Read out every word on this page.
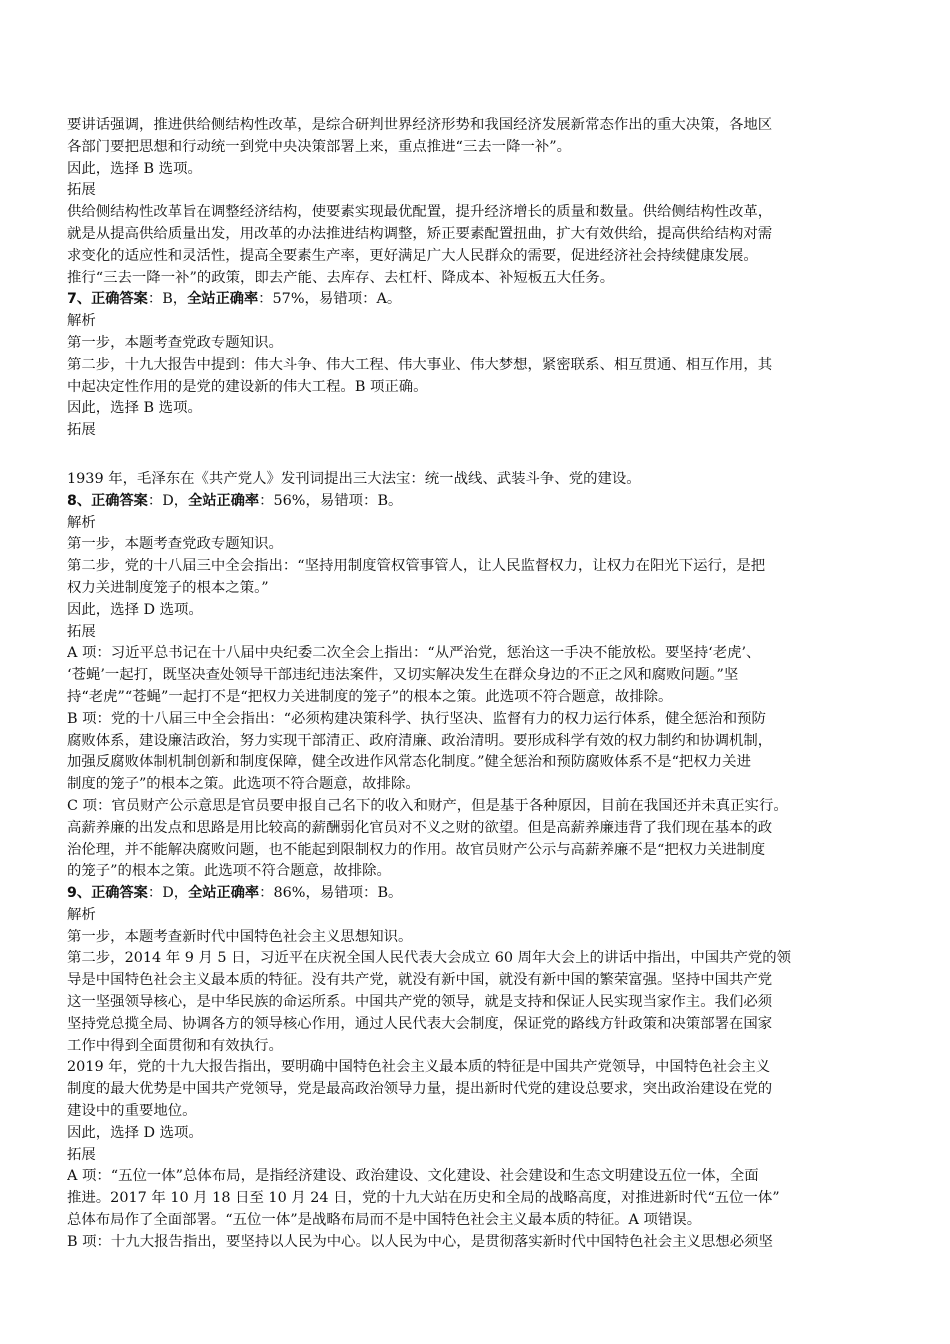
要讲话强调，推进供给侧结构性改革，是综合研判世界经济形势和我国经济发展新常态作出的重大决策，各地区
各部门要把思想和行动统一到党中央决策部署上来，重点推进“三去一降一补”。
因此，选择 B 选项。
拓展
供给侧结构性改革旨在调整经济结构，使要素实现最优配置，提升经济增长的质量和数量。供给侧结构性改革，
就是从提高供给质量出发，用改革的办法推进结构调整，矫正要素配置扭曲，扩大有效供给，提高供给结构对需
求变化的适应性和灵活性，提高全要素生产率，更好满足广大人民群众的需要，促进经济社会持续健康发展。
推行“三去一降一补”的政策，即去产能、去库存、去杠杆、降成本、补短板五大任务。
7、正确答案：B，全站正确率：57%，易错项：A。
解析
第一步，本题考查党政专题知识。
第二步，十九大报告中提到：伟大斗争、伟大工程、伟大事业、伟大梦想，紧密联系、相互贯通、相互作用，其
中起决定性作用的是党的建设新的伟大工程。B 项正确。
因此，选择 B 选项。
拓展
1939 年，毛泽东在《共产党人》发刊词提出三大法宝：统一战线、武装斗争、党的建设。
8、正确答案：D，全站正确率：56%，易错项：B。
解析
第一步，本题考查党政专题知识。
第二步，党的十八届三中全会指出：“坚持用制度管权管事管人，让人民监督权力，让权力在阳光下运行，是把
权力关进制度笼子的根本之策。”
因此，选择 D 选项。
拓展
A 项：习近平总书记在十八届中央纪委二次全会上指出：“从严治党，惩治这一手决不能放松。要坚持‘老虎’、
‘苍蝇’一起打，既坚决查处领导干部违纪违法案件，又切实解决发生在群众身边的不正之风和腐败问题。”坚
持“老虎”“苍蝇”一起打不是“把权力关进制度的笼子”的根本之策。此选项不符合题意，故排除。
B 项：党的十八届三中全会指出：“必须构建决策科学、执行坚决、监督有力的权力运行体系，健全惩治和预防
腐败体系，建设廉洁政治，努力实现干部清正、政府清廉、政治清明。要形成科学有效的权力制约和协调机制，
加强反腐败体制机制创新和制度保障，健全改进作风常态化制度。”健全惩治和预防腐败体系不是“把权力关进
制度的笼子”的根本之策。此选项不符合题意，故排除。
C 项：官员财产公示意思是官员要申报自己名下的收入和财产，但是基于各种原因，目前在我国还并未真正实行。
高薪养廉的出发点和思路是用比较高的薪酬弱化官员对不义之财的欲望。但是高薪养廉违背了我们现在基本的政
治伦理，并不能解决腐败问题，也不能起到限制权力的作用。故官员财产公示与高薪养廉不是“把权力关进制度
的笼子”的根本之策。此选项不符合题意，故排除。
9、正确答案：D，全站正确率：86%，易错项：B。
解析
第一步，本题考查新时代中国特色社会主义思想知识。
第二步，2014 年 9 月 5 日，习近平在庆祝全国人民代表大会成立 60 周年大会上的讲话中指出，中国共产党的领
导是中国特色社会主义最本质的特征。没有共产党，就没有新中国，就没有新中国的繁荣富强。坚持中国共产党
这一坚强领导核心，是中华民族的命运所系。中国共产党的领导，就是支持和保证人民实现当家作主。我们必须
坚持党总揽全局、协调各方的领导核心作用，通过人民代表大会制度，保证党的路线方针政策和决策部署在国家
工作中得到全面贯彻和有效执行。
2019 年，党的十九大报告指出，要明确中国特色社会主义最本质的特征是中国共产党领导，中国特色社会主义
制度的最大优势是中国共产党领导，党是最高政治领导力量，提出新时代党的建设总要求，突出政治建设在党的
建设中的重要地位。
因此，选择 D 选项。
拓展
A 项：“五位一体”总体布局，是指经济建设、政治建设、文化建设、社会建设和生态文明建设五位一体，全面
推进。2017 年 10 月 18 日至 10 月 24 日，党的十九大站在历史和全局的战略高度，对推进新时代“五位一体”
总体布局作了全面部署。“五位一体”是战略布局而不是中国特色社会主义最本质的特征。A 项错误。
B 项：十九大报告指出，要坚持以人民为中心。以人民为中心，是贯彻落实新时代中国特色社会主义思想必须坚
